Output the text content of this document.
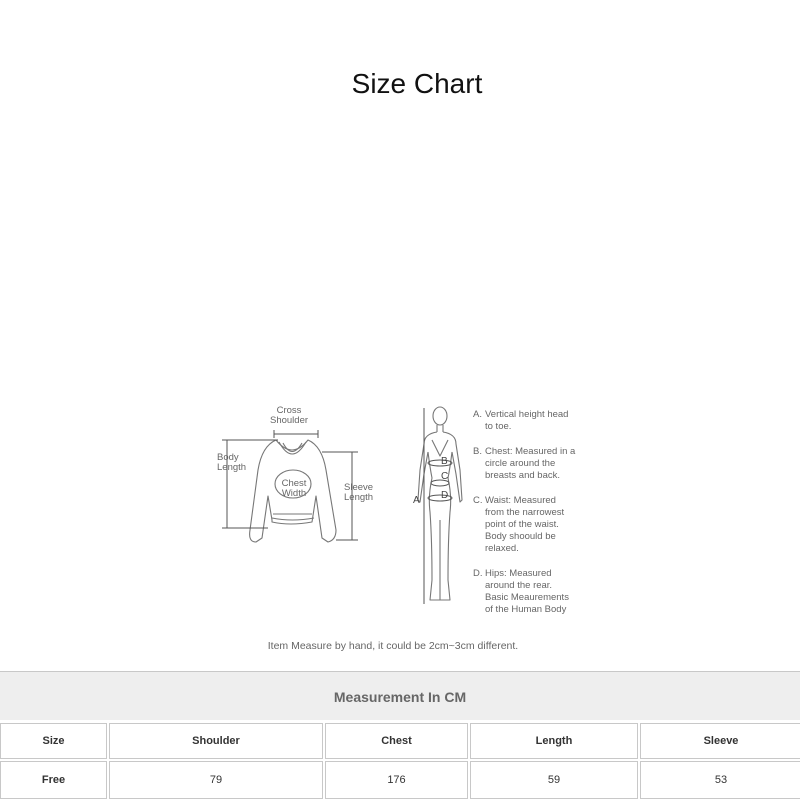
Size Chart
Cross
Shoulder
Body
Length
Chest
Width
Sleeve
Length
B
C
D
A
A. Vertical height head
to toe.
B. Chest: Measured in a
circle around the
breasts and back.
C. Waist: Measured
from the narrowest
point of the waist.
Body shoould be
relaxed.
D. Hips: Measured
around the rear.
Basic Meaurements
of the Human Body
Item Measure by hand, it could be 2cm~3cm different.
Measurement In CM
Size	Shoulder	Chest	Length	Sleeve
Free	79	176	59	53
